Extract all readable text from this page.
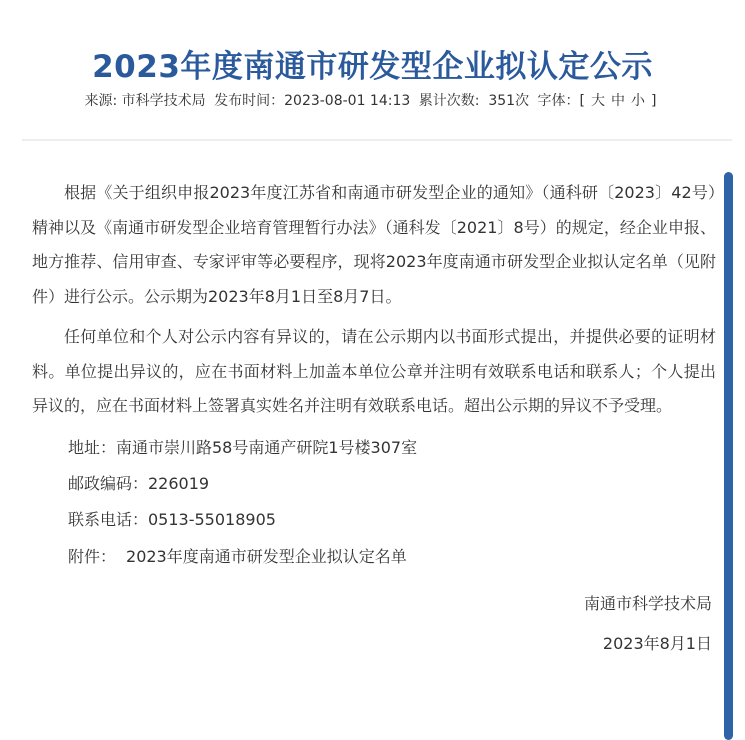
2023年度南通市研发型企业拟认定公示
来源: 市科学技术局 发布时间：2023-08-01 14:13 累计次数:  351次 字体：[ 大 中 小 ]

根据《关于组织申报2023年度江苏省和南通市研发型企业的通知》（通科研〔2023〕42号）精神以及《南通市研发型企业培育管理暂行办法》（通科发〔2021〕8号）的规定，经企业申报、地方推荐、信用审查、专家评审等必要程序，现将2023年度南通市研发型企业拟认定名单（见附件）进行公示。公示期为2023年8月1日至8月7日。

任何单位和个人对公示内容有异议的，请在公示期内以书面形式提出，并提供必要的证明材料。单位提出异议的，应在书面材料上加盖本单位公章并注明有效联系电话和联系人；个人提出异议的，应在书面材料上签署真实姓名并注明有效联系电话。超出公示期的异议不予受理。

地址：南通市崇川路58号南通产研院1号楼307室
邮政编码：226019
联系电话：0513-55018905
附件： 2023年度南通市研发型企业拟认定名单
南通市科学技术局
2023年8月1日
